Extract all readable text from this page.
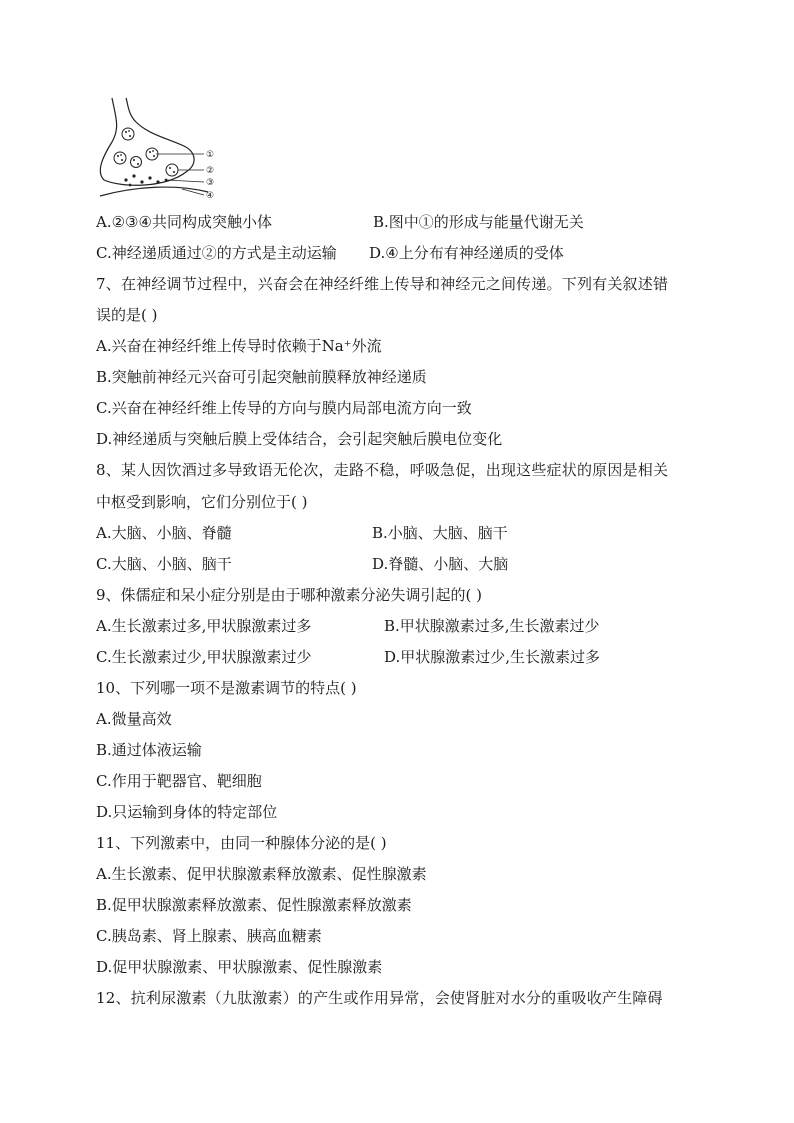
①
②
③
④
A.②③④共同构成突触小体	B.图中①的形成与能量代谢无关
C.神经递质通过②的方式是主动运输 D.④上分布有神经递质的受体
7、在神经调节过程中，兴奋会在神经纤维上传导和神经元之间传递。下列有关叙述错
误的是( )
A.兴奋在神经纤维上传导时依赖于Na⁺外流
B.突触前神经元兴奋可引起突触前膜释放神经递质
C.兴奋在神经纤维上传导的方向与膜内局部电流方向一致
D.神经递质与突触后膜上受体结合，会引起突触后膜电位变化
8、某人因饮酒过多导致语无伦次，走路不稳，呼吸急促，出现这些症状的原因是相关
中枢受到影响，它们分别位于( )
A.大脑、小脑、脊髓	B.小脑、大脑、脑干
C.大脑、小脑、脑干	D.脊髓、小脑、大脑
9、侏儒症和呆小症分别是由于哪种激素分泌失调引起的( )
A.生长激素过多,甲状腺激素过多	B.甲状腺激素过多,生长激素过少
C.生长激素过少,甲状腺激素过少	D.甲状腺激素过少,生长激素过多
10、下列哪一项不是激素调节的特点( )
A.微量高效
B.通过体液运输
C.作用于靶器官、靶细胞
D.只运输到身体的特定部位
11、下列激素中，由同一种腺体分泌的是( )
A.生长激素、促甲状腺激素释放激素、促性腺激素
B.促甲状腺激素释放激素、促性腺激素释放激素
C.胰岛素、肾上腺素、胰高血糖素
D.促甲状腺激素、甲状腺激素、促性腺激素
12、抗利尿激素（九肽激素）的产生或作用异常，会使肾脏对水分的重吸收产生障碍
